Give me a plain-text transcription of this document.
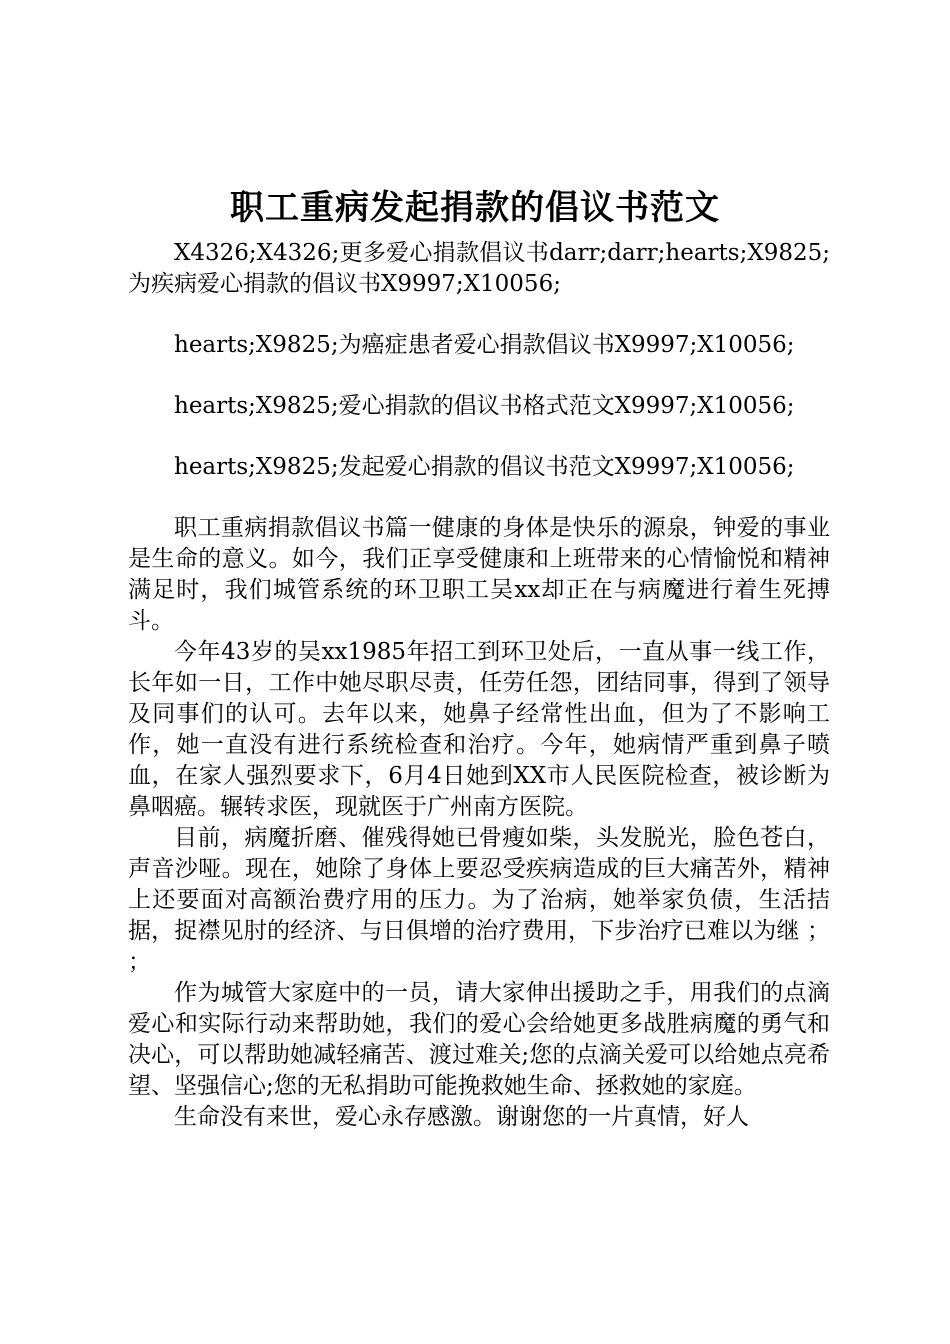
职工重病发起捐款的倡议书范文

X4326;X4326;更多爱心捐款倡议书darr;darr;hearts;X9825;为疾病爱心捐款的倡议书X9997;X10056;

hearts;X9825;为癌症患者爱心捐款倡议书X9997;X10056;

hearts;X9825;爱心捐款的倡议书格式范文X9997;X10056;

hearts;X9825;发起爱心捐款的倡议书范文X9997;X10056;

职工重病捐款倡议书篇一健康的身体是快乐的源泉，钟爱的事业是生命的意义。如今，我们正享受健康和上班带来的心情愉悦和精神满足时，我们城管系统的环卫职工吴xx却正在与病魔进行着生死搏斗。

今年43岁的吴xx1985年招工到环卫处后，一直从事一线工作，长年如一日，工作中她尽职尽责，任劳任怨，团结同事，得到了领导及同事们的认可。去年以来，她鼻子经常性出血，但为了不影响工作，她一直没有进行系统检查和治疗。今年，她病情严重到鼻子喷血，在家人强烈要求下，6月4日她到XX市人民医院检查，被诊断为鼻咽癌。辗转求医，现就医于广州南方医院。

目前，病魔折磨、催残得她已骨瘦如柴，头发脱光，脸色苍白，声音沙哑。现在，她除了身体上要忍受疾病造成的巨大痛苦外，精神上还要面对高额治费疗用的压力。为了治病，她举家负债，生活拮据，捉襟见肘的经济、与日俱增的治疗费用，下步治疗已难以为继 ； ；

作为城管大家庭中的一员，请大家伸出援助之手，用我们的点滴爱心和实际行动来帮助她，我们的爱心会给她更多战胜病魔的勇气和决心，可以帮助她减轻痛苦、渡过难关;您的点滴关爱可以给她点亮希望、坚强信心;您的无私捐助可能挽救她生命、拯救她的家庭。

生命没有来世，爱心永存感激。谢谢您的一片真情，好人
